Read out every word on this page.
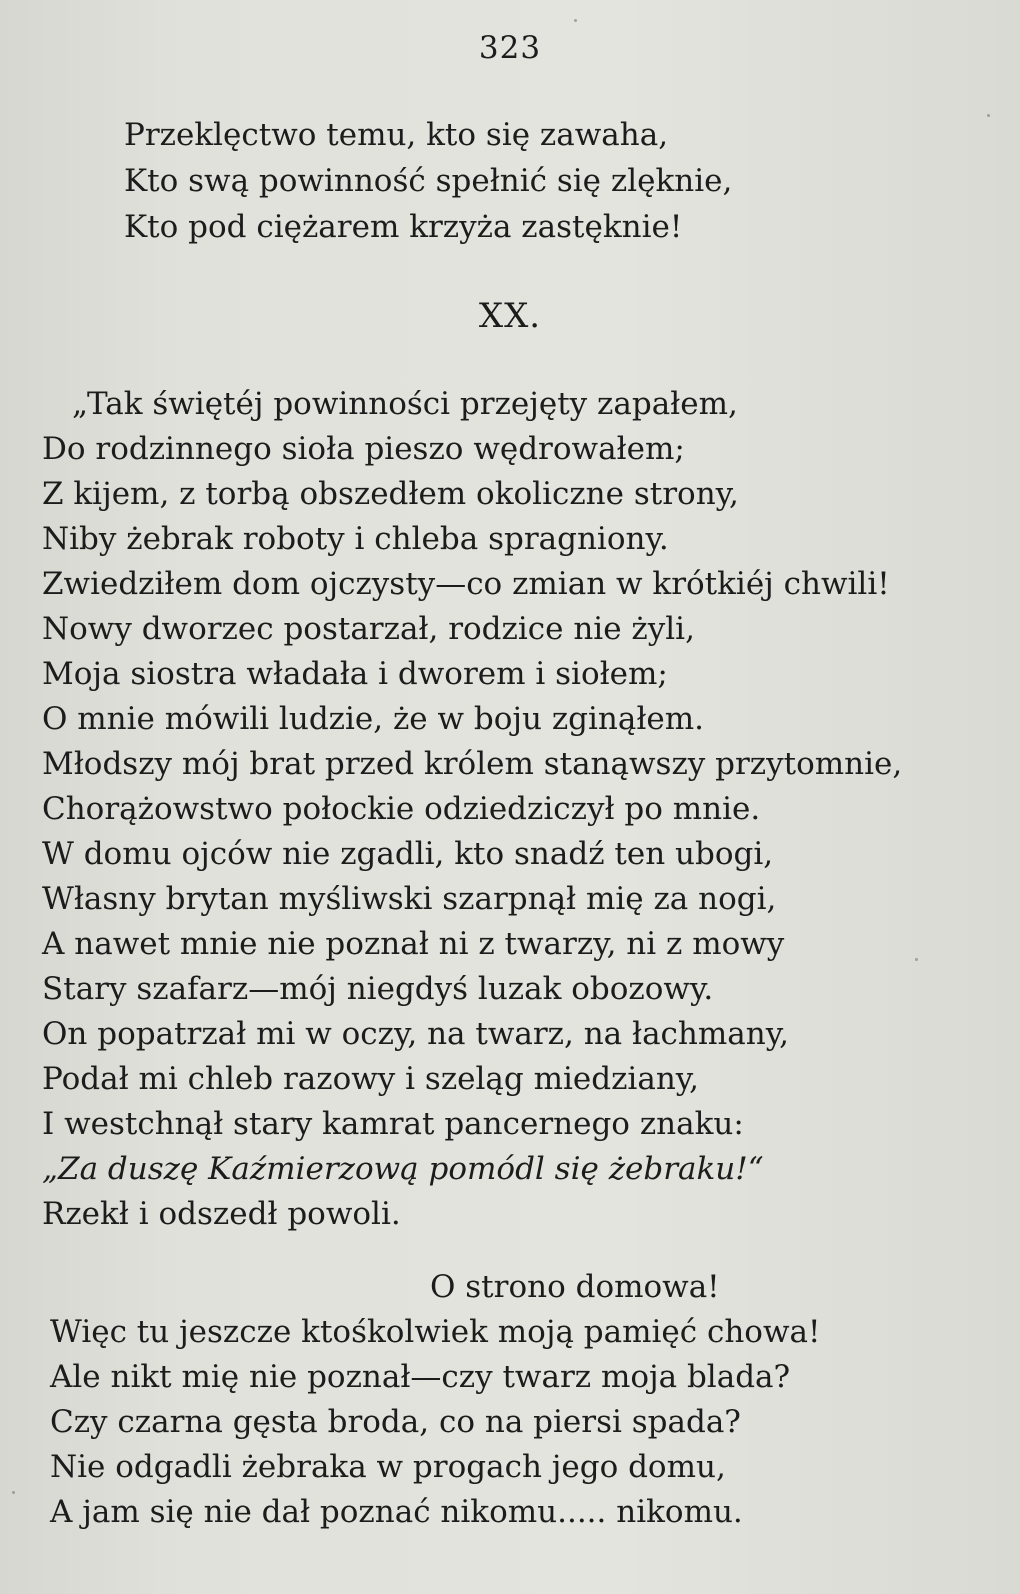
323
Przeklęctwo temu, kto się zawaha,
Kto swą powinność spełnić się zlęknie,
Kto pod ciężarem krzyża zastęknie!
XX.
„Tak świętéj powinności przejęty zapałem,
Do rodzinnego sioła pieszo wędrowałem;
Z kijem, z torbą obszedłem okoliczne strony,
Niby żebrak roboty i chleba spragniony.
Zwiedziłem dom ojczysty—co zmian w krótkiéj chwili!
Nowy dworzec postarzał, rodzice nie żyli,
Moja siostra władała i dworem i siołem;
O mnie mówili ludzie, że w boju zginąłem.
Młodszy mój brat przed królem stanąwszy przytomnie,
Chorążowstwo połockie odziedziczył po mnie.
W domu ojców nie zgadli, kto snadź ten ubogi,
Własny brytan myśliwski szarpnął mię za nogi,
A nawet mnie nie poznał ni z twarzy, ni z mowy
Stary szafarz—mój niegdyś luzak obozowy.
On popatrzał mi w oczy, na twarz, na łachmany,
Podał mi chleb razowy i szeląg miedziany,
I westchnął stary kamrat pancernego znaku:
„Za duszę Kaźmierzową pomódl się żebraku!“
Rzekł i odszedł powoli.
O strono domowa!
Więc tu jeszcze ktośkolwiek moją pamięć chowa!
Ale nikt mię nie poznał—czy twarz moja blada?
Czy czarna gęsta broda, co na piersi spada?
Nie odgadli żebraka w progach jego domu,
A jam się nie dał poznać nikomu..... nikomu.
